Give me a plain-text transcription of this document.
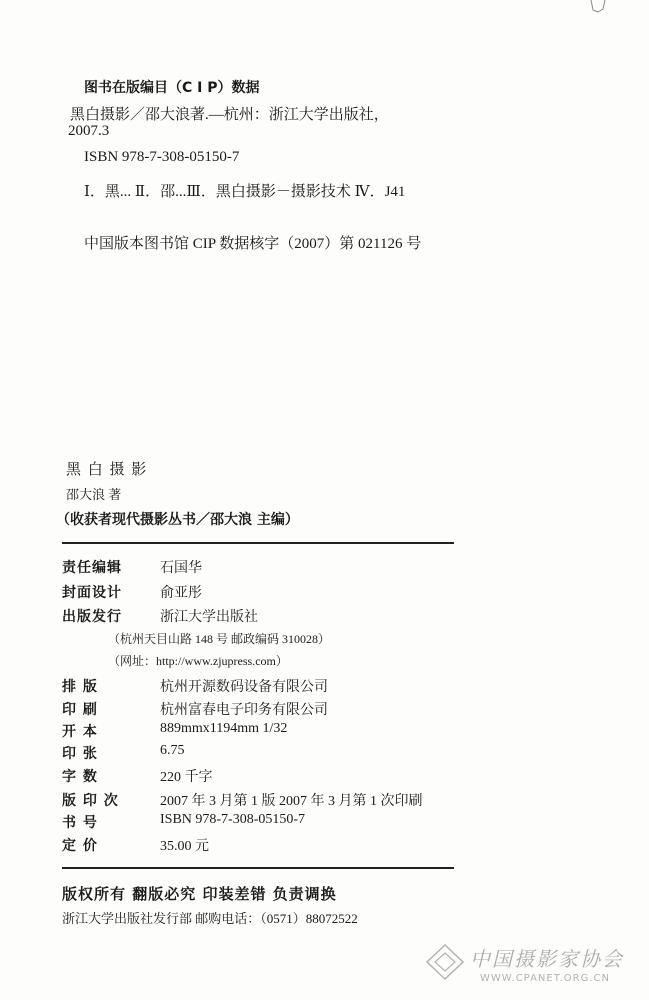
图书在版编目（C I P）数据
黑白摄影／邵大浪著.—杭州：浙江大学出版社，
2007.3
ISBN 978-7-308-05150-7
Ⅰ．黑... Ⅱ．邵...Ⅲ．黑白摄影－摄影技术 Ⅳ．J41
中国版本图书馆 CIP 数据核字（2007）第 021126 号
黑 白 摄 影
邵大浪 著
（收获者现代摄影丛书／邵大浪 主编）
责任编辑	石国华
封面设计	俞亚彤
出版发行	浙江大学出版社
（杭州天目山路 148 号 邮政编码 310028）
（网址：http://www.zjupress.com）
排 版	杭州开源数码设备有限公司
印 刷	杭州富春电子印务有限公司
开 本	889mmx1194mm 1/32
印 张	6.75
字 数	220 千字
版 印 次	2007 年 3 月第 1 版 2007 年 3 月第 1 次印刷
书 号	ISBN 978-7-308-05150-7
定 价	35.00 元
版权所有 翻版必究 印装差错 负责调换
浙江大学出版社发行部 邮购电话：（0571）88072522
中国摄影家协会
WWW.CPANET.ORG.CN
